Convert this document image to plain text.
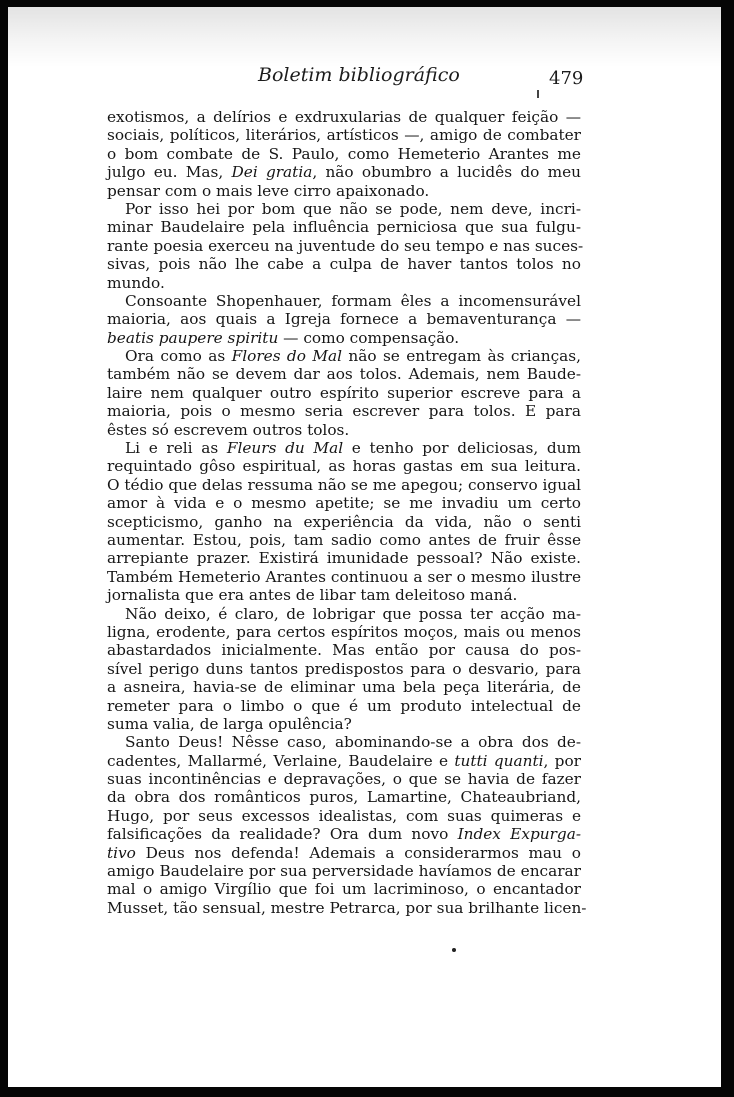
Boletim bibliográfico	479
exotismos, a delírios e exdruxularias de qualquer feição —
sociais, políticos, literários, artísticos —, amigo de combater
o bom combate de S. Paulo, como Hemeterio Arantes me
julgo eu. Mas, Dei gratia, não obumbro a lucidês do meu
pensar com o mais leve cirro apaixonado.
Por isso hei por bom que não se pode, nem deve, incri-
minar Baudelaire pela influência perniciosa que sua fulgu-
rante poesia exerceu na juventude do seu tempo e nas suces-
sivas, pois não lhe cabe a culpa de haver tantos tolos no
mundo.
Consoante Shopenhauer, formam êles a incomensurável
maioria, aos quais a Igreja fornece a bemaventurança —
beatis paupere spiritu — como compensação.
Ora como as Flores do Mal não se entregam às crianças,
também não se devem dar aos tolos. Ademais, nem Baude-
laire nem qualquer outro espírito superior escreve para a
maioria, pois o mesmo seria escrever para tolos. E para
êstes só escrevem outros tolos.
Li e reli as Fleurs du Mal e tenho por deliciosas, dum
requintado gôso espiritual, as horas gastas em sua leitura.
O tédio que delas ressuma não se me apegou; conservo igual
amor à vida e o mesmo apetite; se me invadiu um certo
scepticismo, ganho na experiência da vida, não o senti
aumentar. Estou, pois, tam sadio como antes de fruir êsse
arrepiante prazer. Existirá imunidade pessoal? Não existe.
Também Hemeterio Arantes continuou a ser o mesmo ilustre
jornalista que era antes de libar tam deleitoso maná.
Não deixo, é claro, de lobrigar que possa ter acção ma-
ligna, erodente, para certos espíritos moços, mais ou menos
abastardados inicialmente. Mas então por causa do pos-
sível perigo duns tantos predispostos para o desvario, para
a asneira, havia-se de eliminar uma bela peça literária, de
remeter para o limbo o que é um produto intelectual de
suma valia, de larga opulência?
Santo Deus! Nêsse caso, abominando-se a obra dos de-
cadentes, Mallarmé, Verlaine, Baudelaire e tutti quanti, por
suas incontinências e depravações, o que se havia de fazer
da obra dos românticos puros, Lamartine, Chateaubriand,
Hugo, por seus excessos idealistas, com suas quimeras e
falsificações da realidade? Ora dum novo Index Expurga-
tivo Deus nos defenda! Ademais a considerarmos mau o
amigo Baudelaire por sua perversidade havíamos de encarar
mal o amigo Virgílio que foi um lacriminoso, o encantador
Musset, tão sensual, mestre Petrarca, por sua brilhante licen-
